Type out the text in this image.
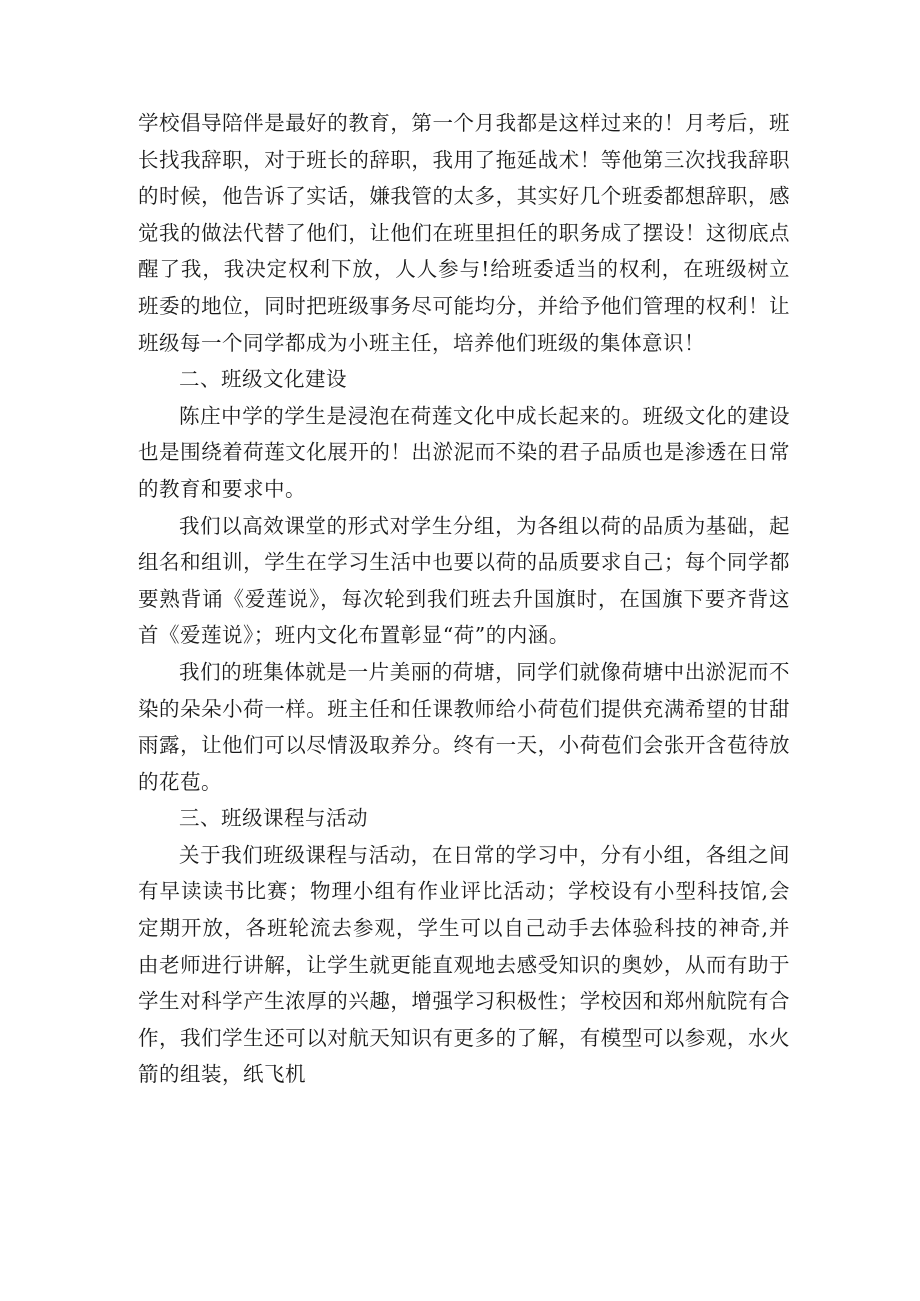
学校倡导陪伴是最好的教育，第一个月我都是这样过来的！月考后，班长找我辞职，对于班长的辞职，我用了拖延战术！等他第三次找我辞职的时候，他告诉了实话，嫌我管的太多，其实好几个班委都想辞职，感觉我的做法代替了他们，让他们在班里担任的职务成了摆设！这彻底点醒了我，我决定权利下放，人人参与!给班委适当的权利，在班级树立班委的地位，同时把班级事务尽可能均分，并给予他们管理的权利！让班级每一个同学都成为小班主任，培养他们班级的集体意识！

二、班级文化建设

陈庄中学的学生是浸泡在荷莲文化中成长起来的。班级文化的建设也是围绕着荷莲文化展开的！出淤泥而不染的君子品质也是渗透在日常的教育和要求中。

我们以高效课堂的形式对学生分组，为各组以荷的品质为基础，起组名和组训，学生在学习生活中也要以荷的品质要求自己；每个同学都要熟背诵《爱莲说》，每次轮到我们班去升国旗时，在国旗下要齐背这首《爱莲说》；班内文化布置彰显“荷”的内涵。

我们的班集体就是一片美丽的荷塘，同学们就像荷塘中出淤泥而不染的朵朵小荷一样。班主任和任课教师给小荷苞们提供充满希望的甘甜雨露，让他们可以尽情汲取养分。终有一天，小荷苞们会张开含苞待放的花苞。

三、班级课程与活动

关于我们班级课程与活动，在日常的学习中，分有小组，各组之间有早读读书比赛；物理小组有作业评比活动；学校设有小型科技馆,会定期开放，各班轮流去参观，学生可以自己动手去体验科技的神奇,并由老师进行讲解，让学生就更能直观地去感受知识的奥妙，从而有助于学生对科学产生浓厚的兴趣，增强学习积极性；学校因和郑州航院有合作，我们学生还可以对航天知识有更多的了解，有模型可以参观，水火箭的组装，纸飞机
